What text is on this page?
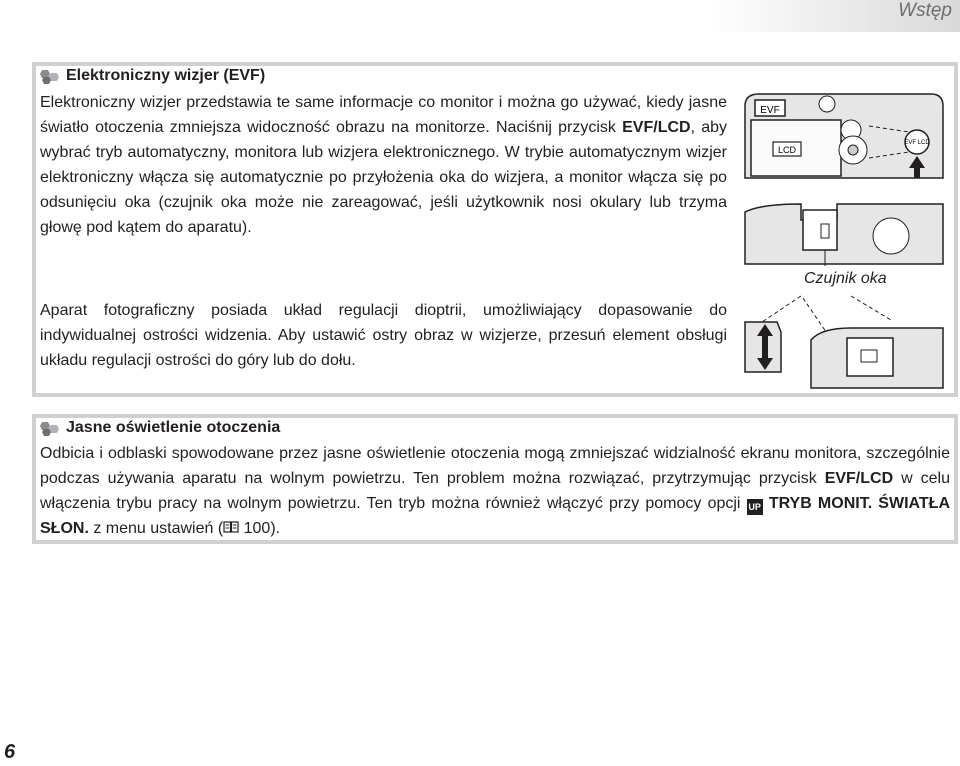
Wstęp
Elektroniczny wizjer (EVF)
Elektroniczny wizjer przedstawia te same informacje co monitor i można go używać, kiedy jasne światło otoczenia zmniejsza widoczność obrazu na monitorze. Naciśnij przycisk EVF/LCD, aby wybrać tryb automatyczny, monitora lub wizjera elektronicznego. W trybie automatycznym wizjer elektroniczny włącza się automatycznie po przyłożenia oka do wizjera, a monitor włącza się po odsunięciu oka (czujnik oka może nie zareagować, jeśli użytkownik nosi okulary lub trzyma głowę pod kątem do aparatu).
Aparat fotograficzny posiada układ regulacji dioptrii, umożliwiający dopasowanie do indywidualnej ostrości widzenia. Aby ustawić ostry obraz w wizjerze, przesuń element obsługi układu regulacji ostrości do góry lub do dołu.
EVF
LCD
EVF LCD
Czujnik oka
Jasne oświetlenie otoczenia
Odbicia i odblaski spowodowane przez jasne oświetlenie otoczenia mogą zmniejszać widzialność ekranu monitora, szczególnie podczas używania aparatu na wolnym powietrzu. Ten problem można rozwiązać, przytrzymując przycisk EVF/LCD w celu włączenia trybu pracy na wolnym powietrzu. Ten tryb można również włączyć przy pomocy opcji UP TRYB MONIT. ŚWIATŁA SŁON. z menu ustawień ( 100).
6
